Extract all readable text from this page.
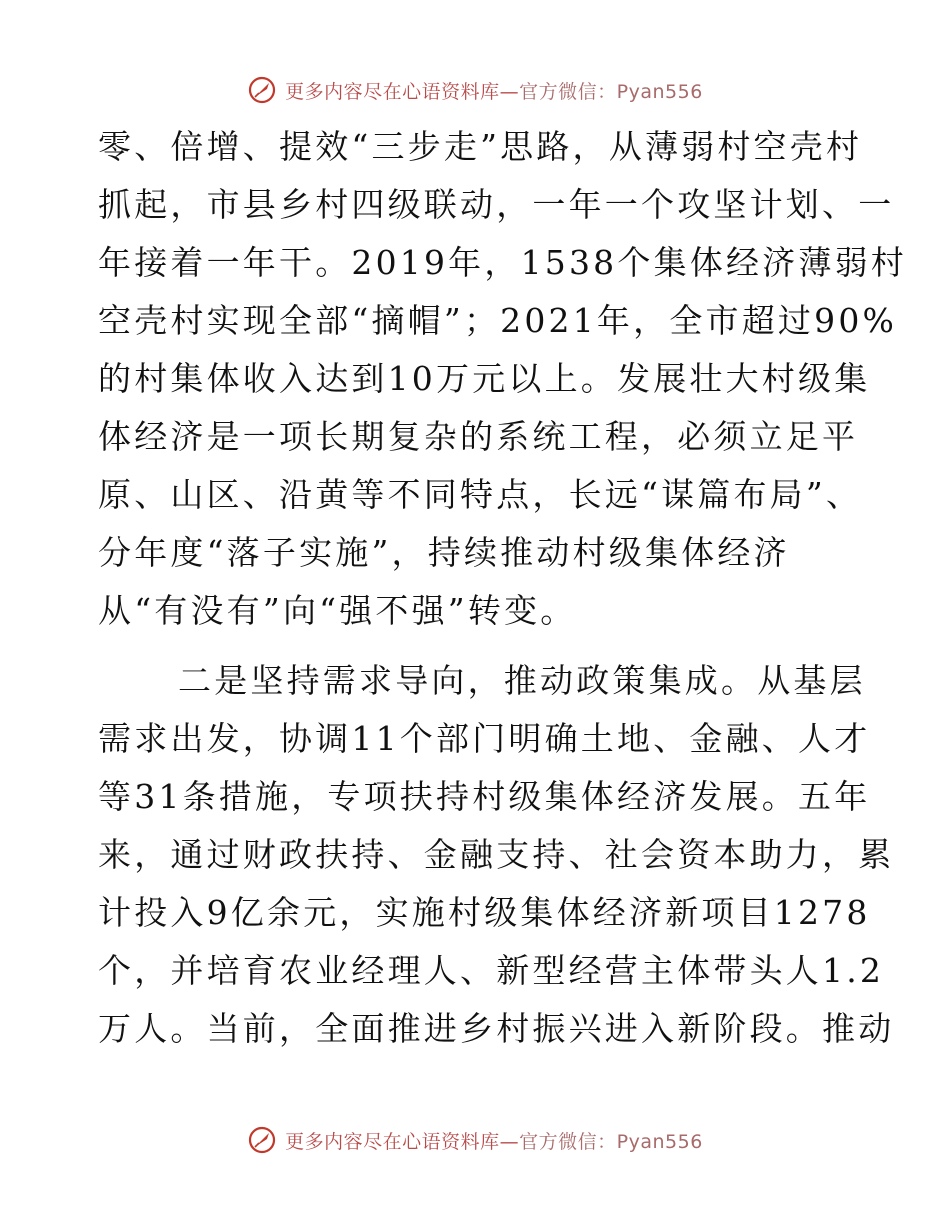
更多内容尽在心语资料库—官方微信：Pyan556
零、倍增、提效“三步走”思路，从薄弱村空壳村
抓起，市县乡村四级联动，一年一个攻坚计划、一
年接着一年干。2019年，1538个集体经济薄弱村
空壳村实现全部“摘帽”；2021年，全市超过90%
的村集体收入达到10万元以上。发展壮大村级集
体经济是一项长期复杂的系统工程，必须立足平
原、山区、沿黄等不同特点，长远“谋篇布局”、
分年度“落子实施”，持续推动村级集体经济
从“有没有”向“强不强”转变。
二是坚持需求导向，推动政策集成。从基层
需求出发，协调11个部门明确土地、金融、人才
等31条措施，专项扶持村级集体经济发展。五年
来，通过财政扶持、金融支持、社会资本助力，累
计投入9亿余元，实施村级集体经济新项目1278
个，并培育农业经理人、新型经营主体带头人1.2
万人。当前，全面推进乡村振兴进入新阶段。推动
更多内容尽在心语资料库—官方微信：Pyan556
